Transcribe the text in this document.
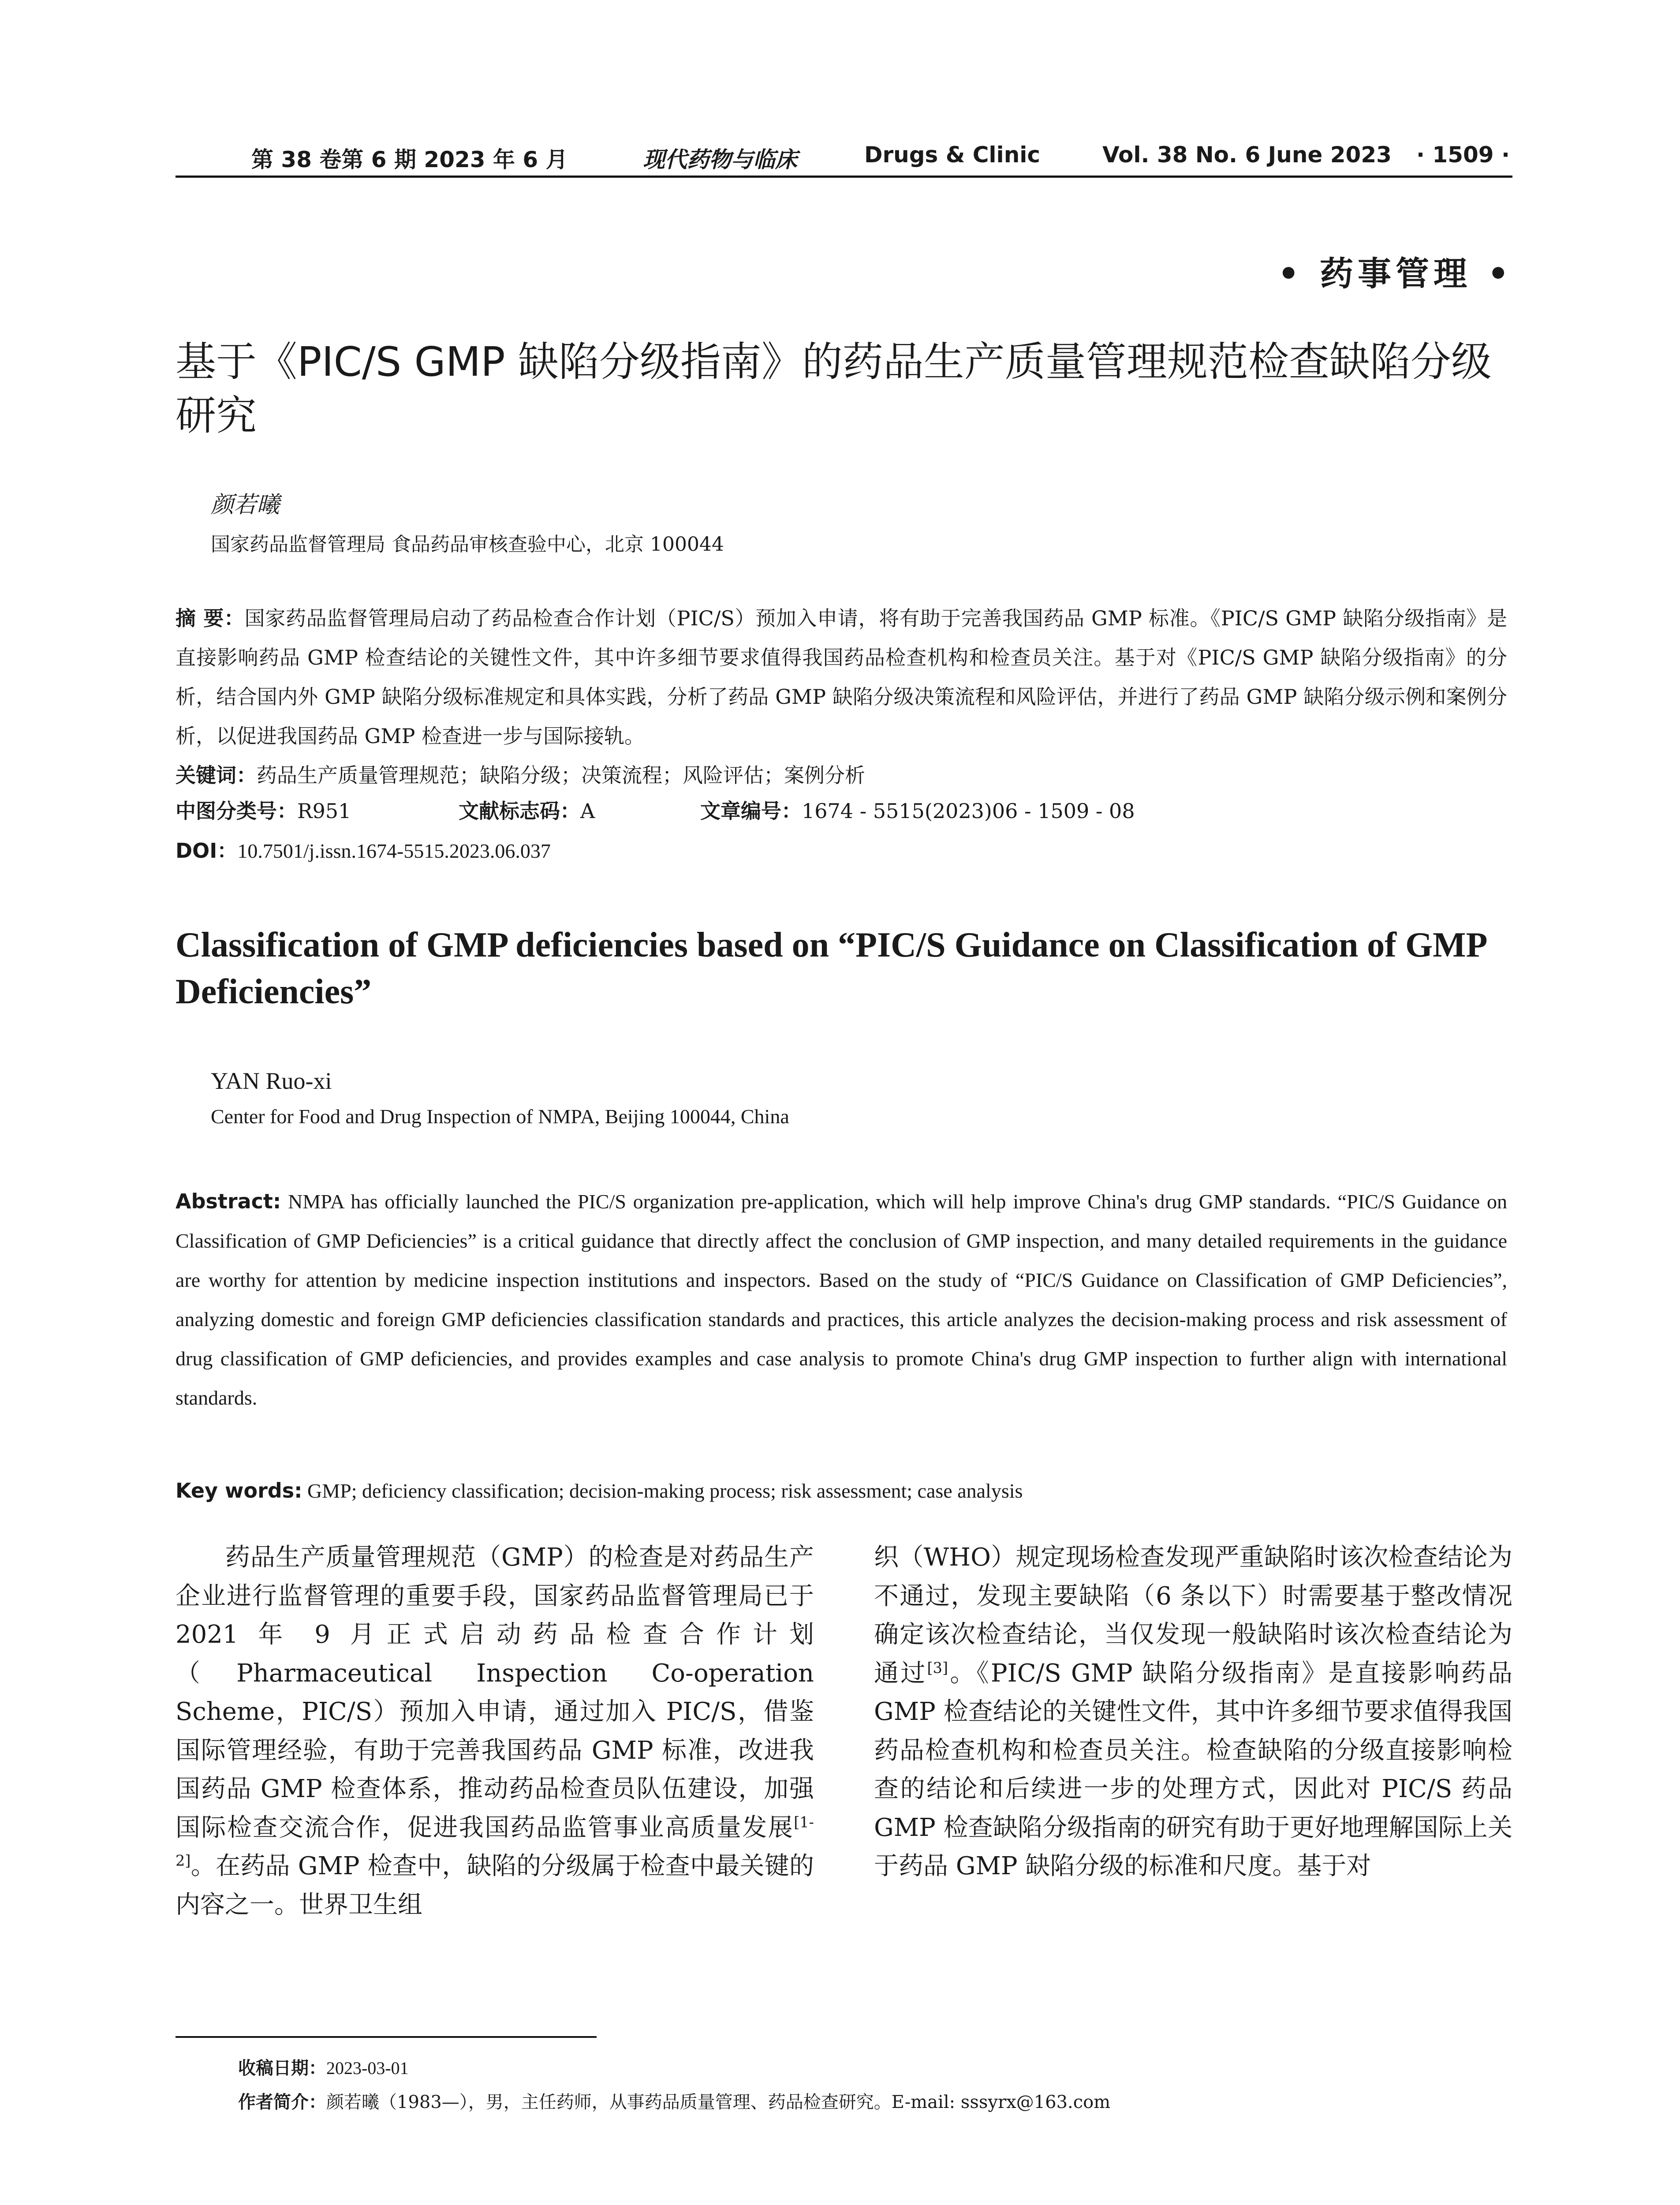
第 38 卷第 6 期 2023 年 6 月	现代药物与临床	Drugs & Clinic	Vol. 38 No. 6 June 2023 · 1509 ·
• 药事管理 •
基于《PIC/S GMP 缺陷分级指南》的药品生产质量管理规范检查缺陷分级研究
颜若曦
国家药品监督管理局 食品药品审核查验中心，北京 100044
摘 要：国家药品监督管理局启动了药品检查合作计划（PIC/S）预加入申请，将有助于完善我国药品 GMP 标准。《PIC/S GMP 缺陷分级指南》是直接影响药品 GMP 检查结论的关键性文件，其中许多细节要求值得我国药品检查机构和检查员关注。基于对《PIC/S GMP 缺陷分级指南》的分析，结合国内外 GMP 缺陷分级标准规定和具体实践，分析了药品 GMP 缺陷分级决策流程和风险评估，并进行了药品 GMP 缺陷分级示例和案例分析，以促进我国药品 GMP 检查进一步与国际接轨。
关键词：药品生产质量管理规范；缺陷分级；决策流程；风险评估；案例分析
中图分类号：R951	文献标志码：A	文章编号：1674 - 5515(2023)06 - 1509 - 08
DOI：10.7501/j.issn.1674-5515.2023.06.037
Classification of GMP deficiencies based on “PIC/S Guidance on Classification of GMP Deficiencies”
YAN Ruo-xi
Center for Food and Drug Inspection of NMPA, Beijing 100044, China
Abstract: NMPA has officially launched the PIC/S organization pre-application, which will help improve China's drug GMP standards. “PIC/S Guidance on Classification of GMP Deficiencies” is a critical guidance that directly affect the conclusion of GMP inspection, and many detailed requirements in the guidance are worthy for attention by medicine inspection institutions and inspectors. Based on the study of “PIC/S Guidance on Classification of GMP Deficiencies”, analyzing domestic and foreign GMP deficiencies classification standards and practices, this article analyzes the decision-making process and risk assessment of drug classification of GMP deficiencies, and provides examples and case analysis to promote China's drug GMP inspection to further align with international standards.
Key words: GMP; deficiency classification; decision-making process; risk assessment; case analysis
药品生产质量管理规范（GMP）的检查是对药品生产企业进行监督管理的重要手段，国家药品监督管理局已于 2021 年 9 月正式启动药品检查合作计划（Pharmaceutical Inspection Co-operation Scheme，PIC/S）预加入申请，通过加入 PIC/S，借鉴国际管理经验，有助于完善我国药品 GMP 标准，改进我国药品 GMP 检查体系，推动药品检查员队伍建设，加强国际检查交流合作，促进我国药品监管事业高质量发展[1-2]。在药品 GMP 检查中，缺陷的分级属于检查中最关键的内容之一。世界卫生组
织（WHO）规定现场检查发现严重缺陷时该次检查结论为不通过，发现主要缺陷（6 条以下）时需要基于整改情况确定该次检查结论，当仅发现一般缺陷时该次检查结论为通过[3]。《PIC/S GMP 缺陷分级指南》是直接影响药品 GMP 检查结论的关键性文件，其中许多细节要求值得我国药品检查机构和检查员关注。检查缺陷的分级直接影响检查的结论和后续进一步的处理方式，因此对 PIC/S 药品 GMP 检查缺陷分级指南的研究有助于更好地理解国际上关于药品 GMP 缺陷分级的标准和尺度。基于对
收稿日期：2023-03-01
作者简介：颜若曦（1983—），男，主任药师，从事药品质量管理、药品检查研究。E-mail: sssyrx@163.com
